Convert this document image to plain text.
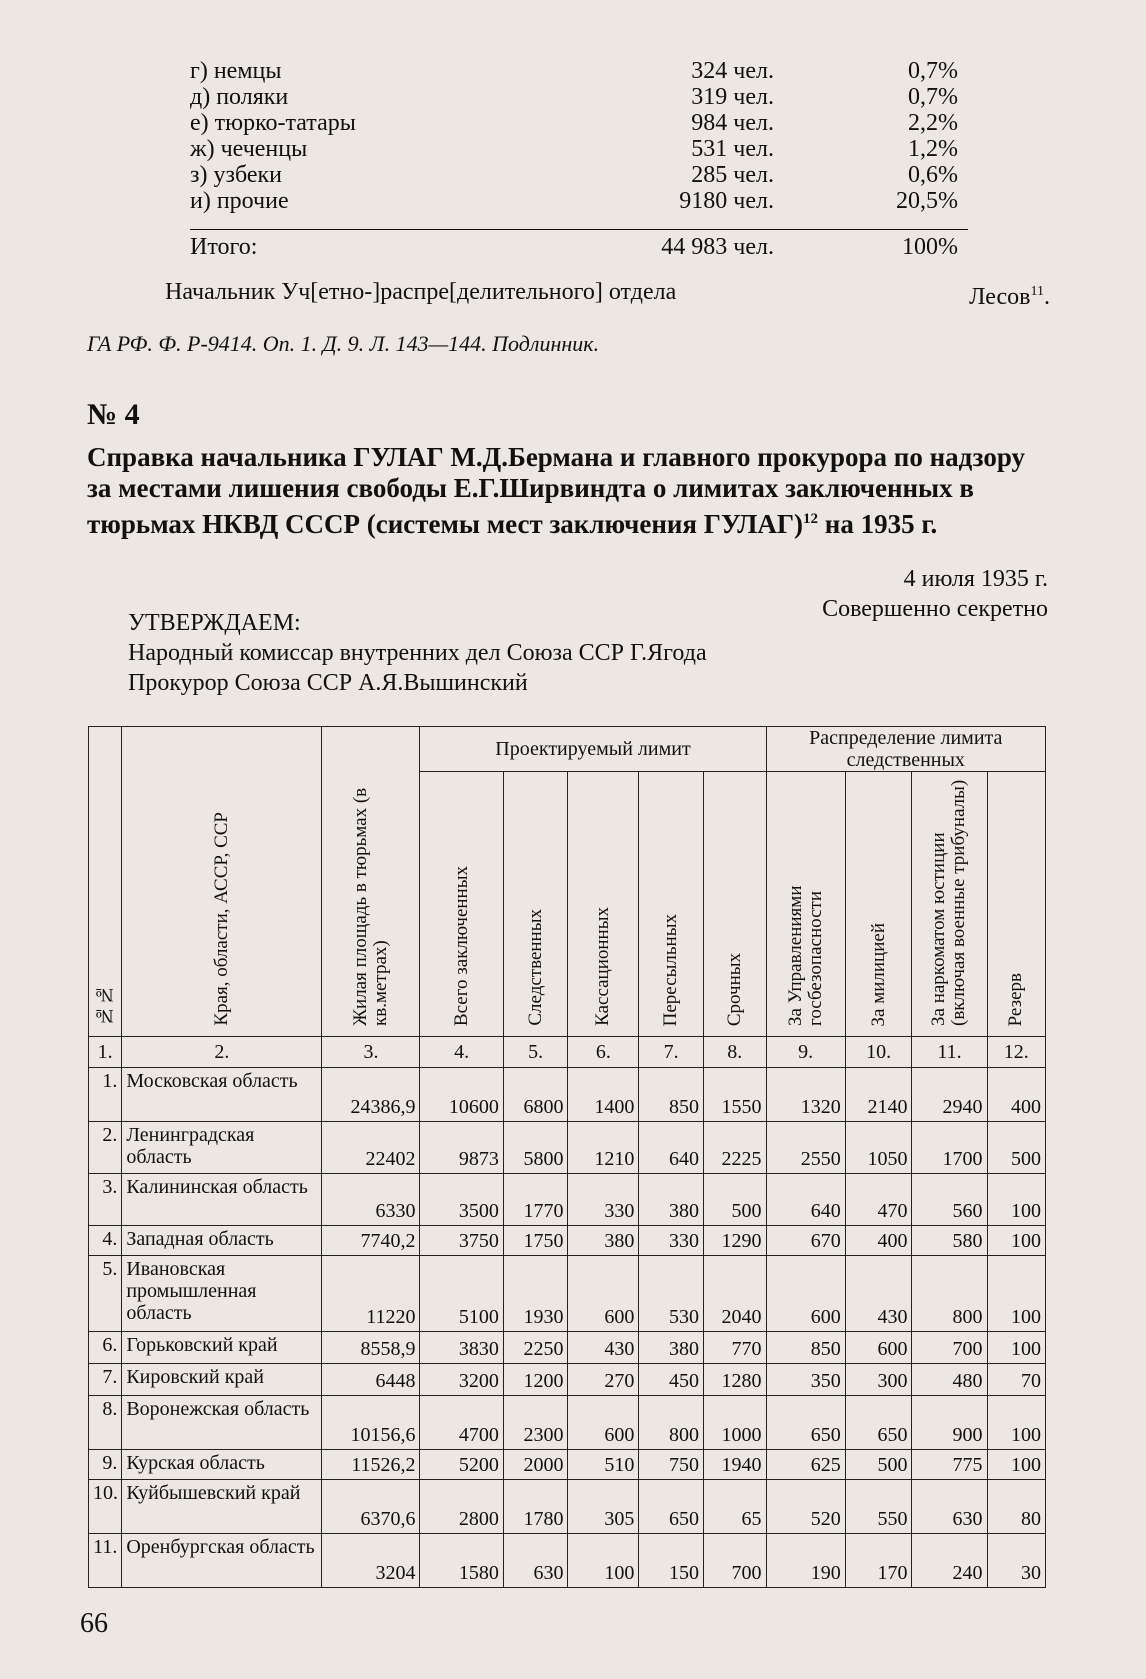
г) немцы	324 чел.	0,7%
д) поляки	319 чел.	0,7%
е) тюрко-татары	984 чел.	2,2%
ж) чеченцы	531 чел.	1,2%
з) узбеки	285 чел.	0,6%
и) прочие	9180 чел.	20,5%
Итого:	44 983 чел.	100%
Начальник Уч[етно-]распре[делительного] отдела	Лесов$^{11}$.
ГА РФ. Ф. Р-9414. Оп. 1. Д. 9. Л. 143—144. Подлинник.
№ 4
Справка начальника ГУЛАГ М.Д.Бермана и главного прокурора по надзору за местами лишения свободы Е.Г.Ширвиндта о лимитах заключенных в тюрьмах НКВД СССР (системы мест заключения ГУЛАГ)$^{12}$ на 1935 г.
4 июля 1935 г.
Совершенно секретно
УТВЕРЖДАЕМ:
Народный комиссар внутренних дел Союза ССР Г.Ягода
Прокурор Союза ССР А.Я.Вышинский
№№	Края, области, АССР, ССР	Жилая площадь в тюрьмах (в кв.метрах)	Проектируемый лимит					Распределение лимита следственных			
			Всего заключенных	Следственных	Кассационных	Пересыльных	Срочных	За Управлениями госбезопасности	За милицией	За наркоматом юстиции (включая военные трибуналы)	Резерв
1.	2.	3.	4.	5.	6.	7.	8.	9.	10.	11.	12.
1.	Московская область	24386,9	10600	6800	1400	850	1550	1320	2140	2940	400
2.	Ленинградская область	22402	9873	5800	1210	640	2225	2550	1050	1700	500
3.	Калининская область	6330	3500	1770	330	380	500	640	470	560	100
4.	Западная область	7740,2	3750	1750	380	330	1290	670	400	580	100
5.	Ивановская промышленная область	11220	5100	1930	600	530	2040	600	430	800	100
6.	Горьковский край	8558,9	3830	2250	430	380	770	850	600	700	100
7.	Кировский край	6448	3200	1200	270	450	1280	350	300	480	70
8.	Воронежская область	10156,6	4700	2300	600	800	1000	650	650	900	100
9.	Курская область	11526,2	5200	2000	510	750	1940	625	500	775	100
10.	Куйбышевский край	6370,6	2800	1780	305	650	65	520	550	630	80
11.	Оренбургская область	3204	1580	630	100	150	700	190	170	240	30
66
